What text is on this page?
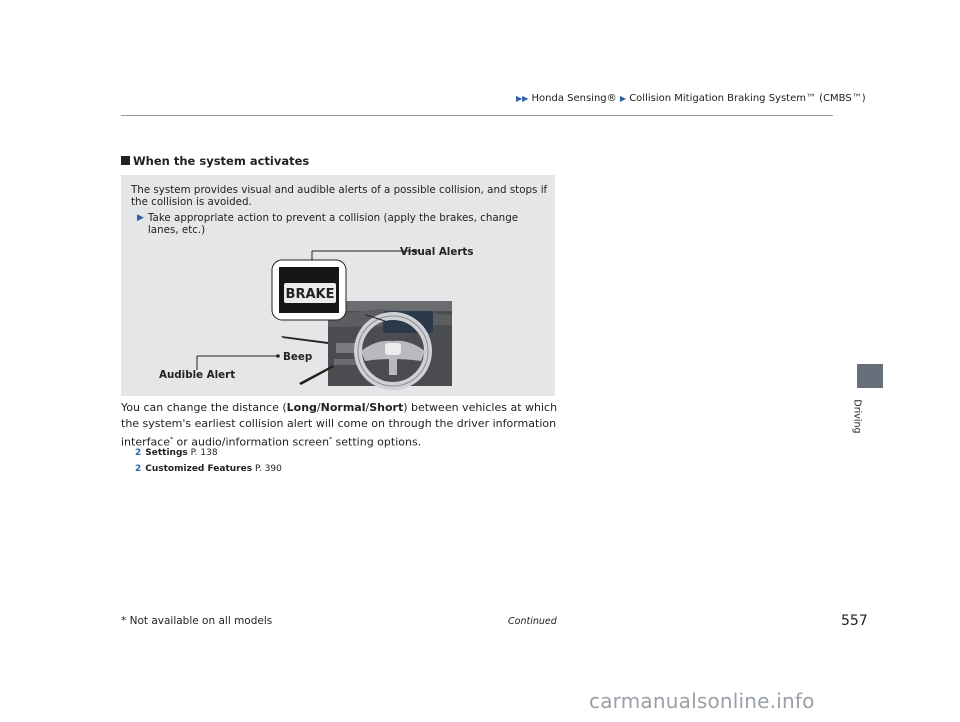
▶▶ Honda Sensing® ▶ Collision Mitigation Braking System™ (CMBS™)
When the system activates
The system provides visual and audible alerts of a possible collision, and stops if the collision is avoided.
▶ Take appropriate action to prevent a collision (apply the brakes, change lanes, etc.)
BRAKE
Visual Alerts
Beep
Audible Alert
You can change the distance (Long/Normal/Short) between vehicles at which the system's earliest collision alert will come on through the driver information interface* or audio/information screen* setting options.
2 Settings P. 138
2 Customized Features P. 390
Driving
557
Continued
* Not available on all models
carmanualsonline.info
